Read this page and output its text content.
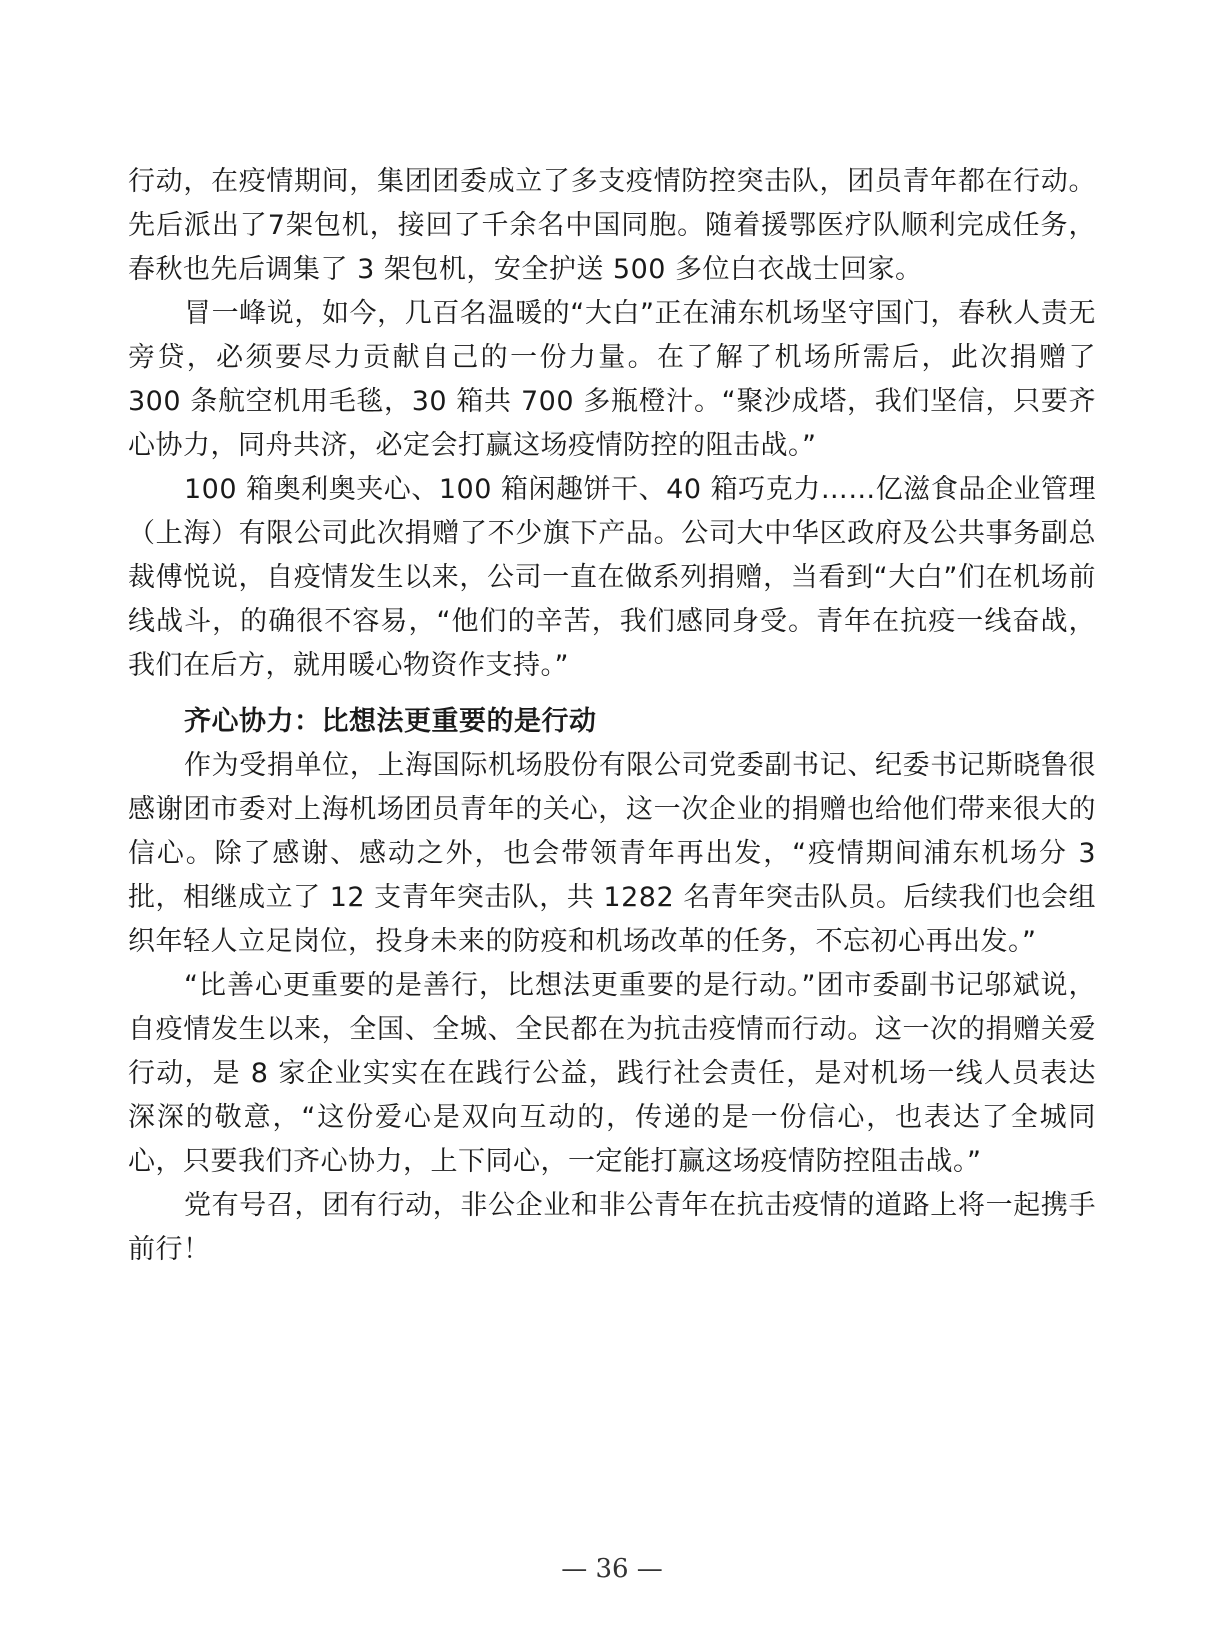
行动，在疫情期间，集团团委成立了多支疫情防控突击队，团员青年都在行动。先后派出了7架包机，接回了千余名中国同胞。随着援鄂医疗队顺利完成任务，春秋也先后调集了 3 架包机，安全护送 500 多位白衣战士回家。

冒一峰说，如今，几百名温暖的“大白”正在浦东机场坚守国门，春秋人责无旁贷，必须要尽力贡献自己的一份力量。在了解了机场所需后，此次捐赠了 300 条航空机用毛毯，30 箱共 700 多瓶橙汁。“聚沙成塔，我们坚信，只要齐心协力，同舟共济，必定会打赢这场疫情防控的阻击战。”

100 箱奥利奥夹心、100 箱闲趣饼干、40 箱巧克力……亿滋食品企业管理（上海）有限公司此次捐赠了不少旗下产品。公司大中华区政府及公共事务副总裁傅悦说，自疫情发生以来，公司一直在做系列捐赠，当看到“大白”们在机场前线战斗，的确很不容易，“他们的辛苦，我们感同身受。青年在抗疫一线奋战，我们在后方，就用暖心物资作支持。”

齐心协力：比想法更重要的是行动

作为受捐单位，上海国际机场股份有限公司党委副书记、纪委书记斯晓鲁很感谢团市委对上海机场团员青年的关心，这一次企业的捐赠也给他们带来很大的信心。除了感谢、感动之外，也会带领青年再出发，“疫情期间浦东机场分 3 批，相继成立了 12 支青年突击队，共 1282 名青年突击队员。后续我们也会组织年轻人立足岗位，投身未来的防疫和机场改革的任务，不忘初心再出发。”

“比善心更重要的是善行，比想法更重要的是行动。”团市委副书记邬斌说，自疫情发生以来，全国、全城、全民都在为抗击疫情而行动。这一次的捐赠关爱行动，是 8 家企业实实在在践行公益，践行社会责任，是对机场一线人员表达深深的敬意，“这份爱心是双向互动的，传递的是一份信心，也表达了全城同心，只要我们齐心协力，上下同心，一定能打赢这场疫情防控阻击战。”

党有号召，团有行动，非公企业和非公青年在抗击疫情的道路上将一起携手前行！

— 36 —
